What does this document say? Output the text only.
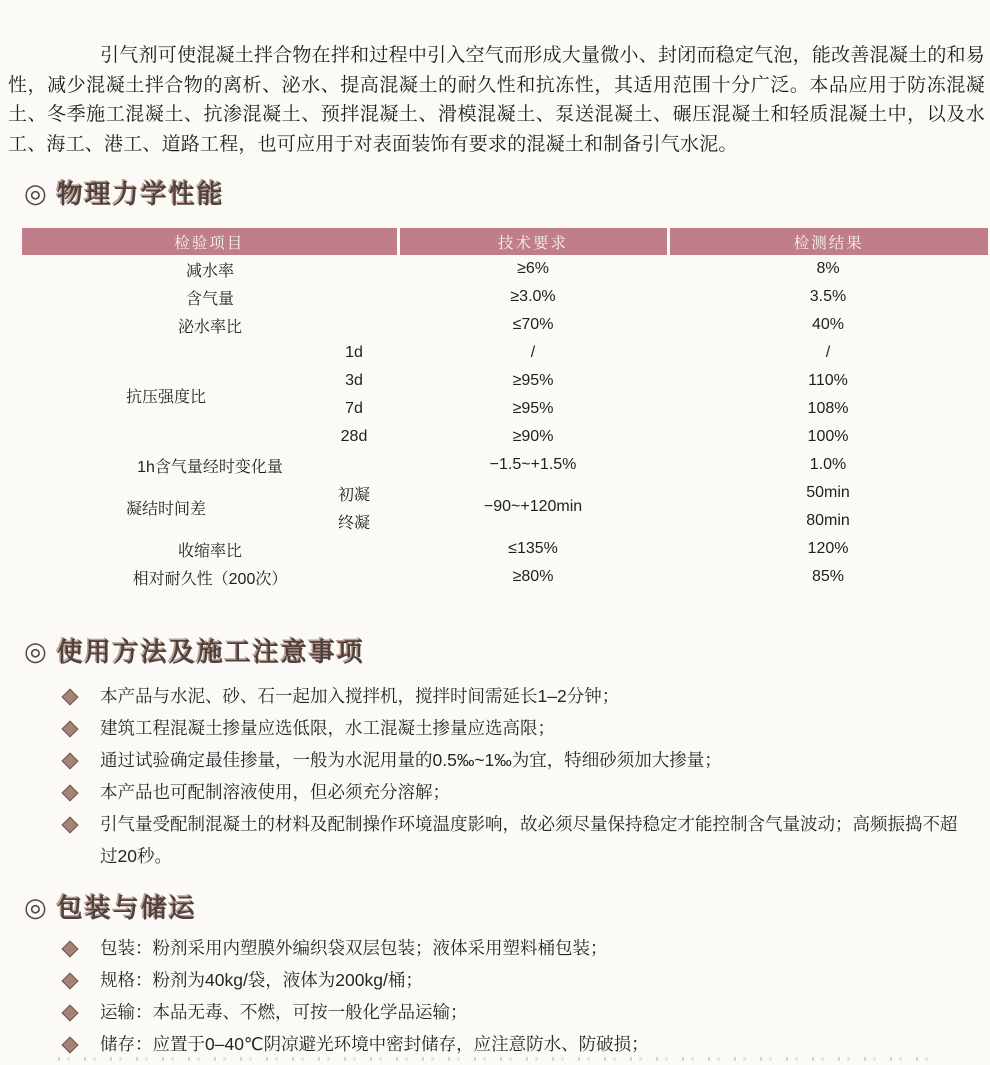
引气剂可使混凝土拌合物在拌和过程中引入空气而形成大量微小、封闭而稳定气泡，能改善混凝土的和易性，减少混凝土拌合物的离析、泌水、提高混凝土的耐久性和抗冻性，其适用范围十分广泛。本品应用于防冻混凝土、冬季施工混凝土、抗渗混凝土、预拌混凝土、滑模混凝土、泵送混凝土、碾压混凝土和轻质混凝土中，以及水工、海工、港工、道路工程，也可应用于对表面装饰有要求的混凝土和制备引气水泥。

◎ 物理力学性能
检验项目		技术要求	检测结果
减水率		≥6%	8%
含气量		≥3.0%	3.5%
泌水率比		≤70%	40%
抗压强度比	1d	/	/
	3d	≥95%	110%
	7d	≥95%	108%
	28d	≥90%	100%
1h含气量经时变化量		−1.5~+1.5%	1.0%
凝结时间差	初凝	−90~+120min	50min
	终凝		80min
收缩率比		≤135%	120%
相对耐久性（200次）		≥80%	85%
◎ 使用方法及施工注意事项
本产品与水泥、砂、石一起加入搅拌机，搅拌时间需延长1–2分钟；
建筑工程混凝土掺量应选低限，水工混凝土掺量应选高限；
通过试验确定最佳掺量，一般为水泥用量的0.5‰~1‰为宜，特细砂须加大掺量；
本产品也可配制溶液使用，但必须充分溶解；
引气量受配制混凝土的材料及配制操作环境温度影响，故必须尽量保持稳定才能控制含气量波动；高频振捣不超过20秒。
◎ 包装与储运
包装：粉剂采用内塑膜外编织袋双层包装；液体采用塑料桶包装；
规格：粉剂为40kg/袋，液体为200kg/桶；
运输：本品无毒、不燃，可按一般化学品运输；
储存：应置于0–40℃阴凉避光环境中密封储存，应注意防水、防破损；
